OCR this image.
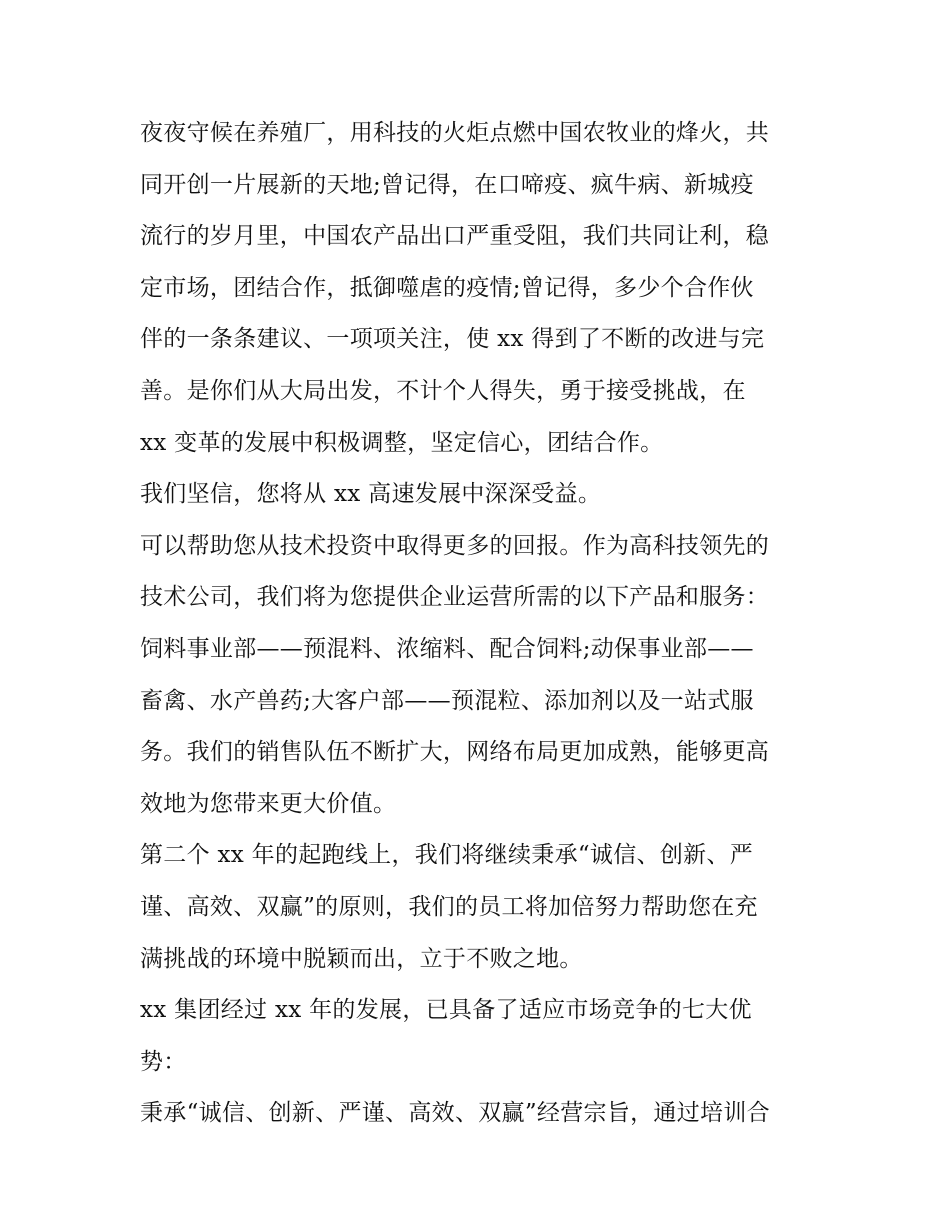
夜夜守候在养殖厂，用科技的火炬点燃中国农牧业的烽火，共
同开创一片展新的天地;曾记得，在口啼疫、疯牛病、新城疫
流行的岁月里，中国农产品出口严重受阻，我们共同让利，稳
定市场，团结合作，抵御噬虐的疫情;曾记得，多少个合作伙
伴的一条条建议、一项项关注，使 xx 得到了不断的改进与完
善。是你们从大局出发，不计个人得失，勇于接受挑战，在
xx 变革的发展中积极调整，坚定信心，团结合作。
我们坚信，您将从 xx 高速发展中深深受益。
可以帮助您从技术投资中取得更多的回报。作为高科技领先的
技术公司，我们将为您提供企业运营所需的以下产品和服务：
饲料事业部——预混料、浓缩料、配合饲料;动保事业部——
畜禽、水产兽药;大客户部——预混粒、添加剂以及一站式服
务。我们的销售队伍不断扩大，网络布局更加成熟，能够更高
效地为您带来更大价值。
第二个 xx 年的起跑线上，我们将继续秉承“诚信、创新、严
谨、高效、双赢”的原则，我们的员工将加倍努力帮助您在充
满挑战的环境中脱颖而出，立于不败之地。
xx 集团经过 xx 年的发展，已具备了适应市场竞争的七大优
势：
秉承“诚信、创新、严谨、高效、双赢”经营宗旨，通过培训合
